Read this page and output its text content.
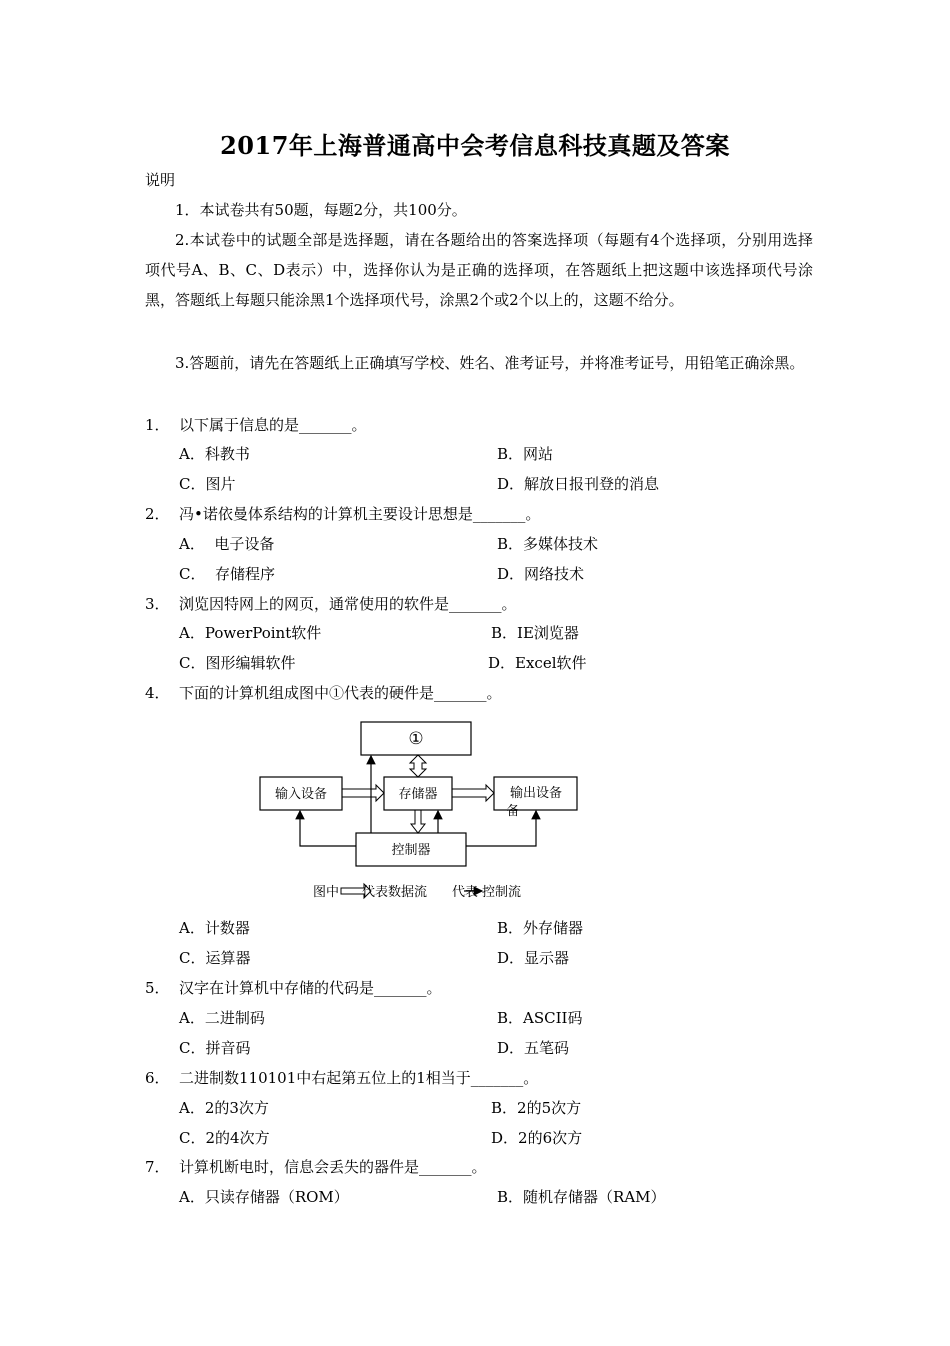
2017年上海普通高中会考信息科技真题及答案
说明
1．本试卷共有50题，每题2分，共100分。
2.本试卷中的试题全部是选择题，请在各题给出的答案选择项（每题有4个选择项，分别用选择项代号A、B、C、D表示）中，选择你认为是正确的选择项，在答题纸上把这题中该选择项代号涂黑，答题纸上每题只能涂黑1个选择项代号，涂黑2个或2个以上的，这题不给分。
3.答题前，请先在答题纸上正确填写学校、姓名、准考证号，并将准考证号，用铅笔正确涂黑。
1． 以下属于信息的是_______。
A．科教书	B．网站
C．图片	D．解放日报刊登的消息
2． 冯•诺依曼体系结构的计算机主要设计思想是_______。
A．  电子设备	B．多媒体技术
C．  存储程序	D．网络技术
3． 浏览因特网上的网页，通常使用的软件是_______。
A．PowerPoint软件	B．IE浏览器
C．图形编辑软件	D．Excel软件
4． 下面的计算机组成图中①代表的硬件是_______。
①
输入设备	存储器	输出设备
备
控制器
图中 代表数据流 代表 控制流
A．计数器	B．外存储器
C．运算器	D．显示器
5． 汉字在计算机中存储的代码是_______。
A．二进制码	B．ASCII码
C．拼音码	D．五笔码
6． 二进制数110101中右起第五位上的1相当于_______。
A．2的3次方	B．2的5次方
C．2的4次方	D．2的6次方
7． 计算机断电时，信息会丢失的器件是_______。
A．只读存储器（ROM）	B．随机存储器（RAM）
